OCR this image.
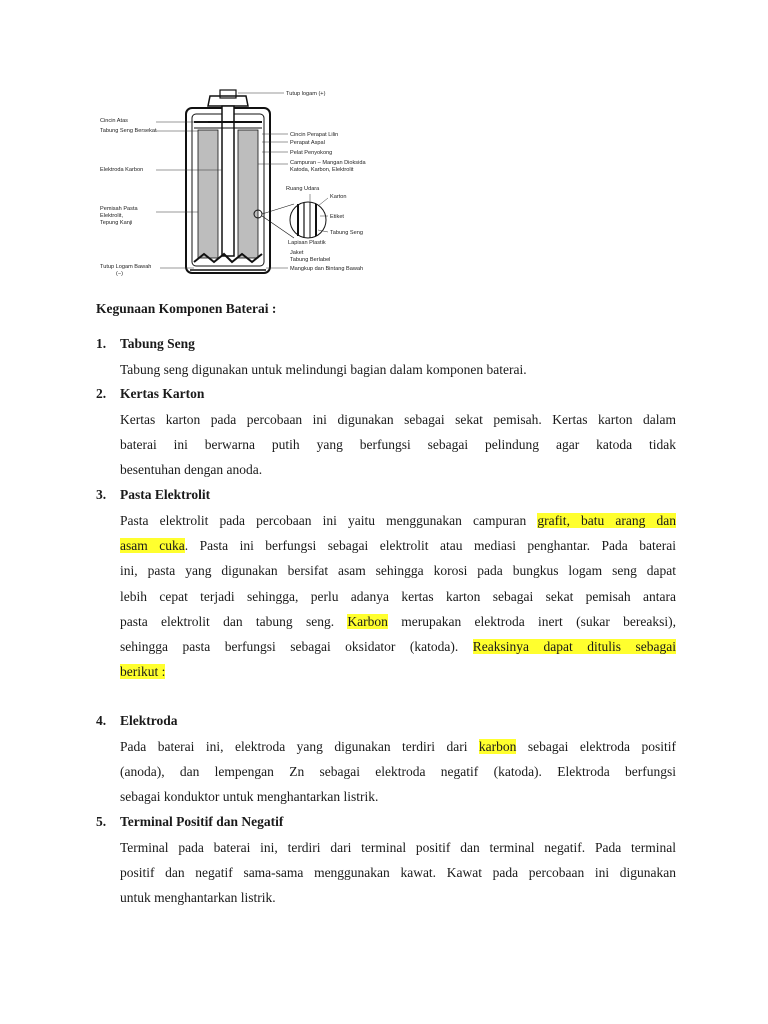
Cincin Atas
Tabung Seng Bersekat
Elektroda Karbon
Pemisah Pasta
Elektrolit,
Tepung Kanji
Tutup Logam Bawah
(−)
Tutup logam (+)
Cincin Perapat Lilin
Perapat Aspal
Pelat Penyokong
Campuran – Mangan Dioksida
Katoda, Karbon, Elektrolit
Ruang Udara
Karton
Etiket
Tabung Seng
Lapisan Plastik
Jaket
Tabung Berlabel
Mangkup dan Bintang Bawah

Kegunaan Komponen Baterai :

1.	Tabung Seng

Tabung seng digunakan untuk melindungi bagian dalam komponen baterai.

2.	Kertas Karton

Kertas karton pada percobaan ini digunakan sebagai sekat pemisah. Kertas karton dalam
baterai ini berwarna putih yang berfungsi sebagai pelindung agar katoda tidak
besentuhan dengan anoda.

3.	Pasta Elektrolit

Pasta elektrolit pada percobaan ini yaitu menggunakan campuran grafit, batu arang dan
asam cuka. Pasta ini berfungsi sebagai elektrolit atau mediasi penghantar. Pada baterai
ini, pasta yang digunakan bersifat asam sehingga korosi pada bungkus logam seng dapat
lebih cepat terjadi sehingga, perlu adanya kertas karton sebagai sekat pemisah antara
pasta elektrolit dan tabung seng. Karbon merupakan elektroda inert (sukar bereaksi),
sehingga pasta berfungsi sebagai oksidator (katoda). Reaksinya dapat ditulis sebagai
berikut :

4.	Elektroda

Pada baterai ini, elektroda yang digunakan terdiri dari karbon sebagai elektroda positif
(anoda), dan lempengan Zn sebagai elektroda negatif (katoda). Elektroda berfungsi
sebagai konduktor untuk menghantarkan listrik.

5.	Terminal Positif dan Negatif

Terminal pada baterai ini, terdiri dari terminal positif dan terminal negatif. Pada terminal
positif dan negatif sama-sama menggunakan kawat. Kawat pada percobaan ini digunakan
untuk menghantarkan listrik.
